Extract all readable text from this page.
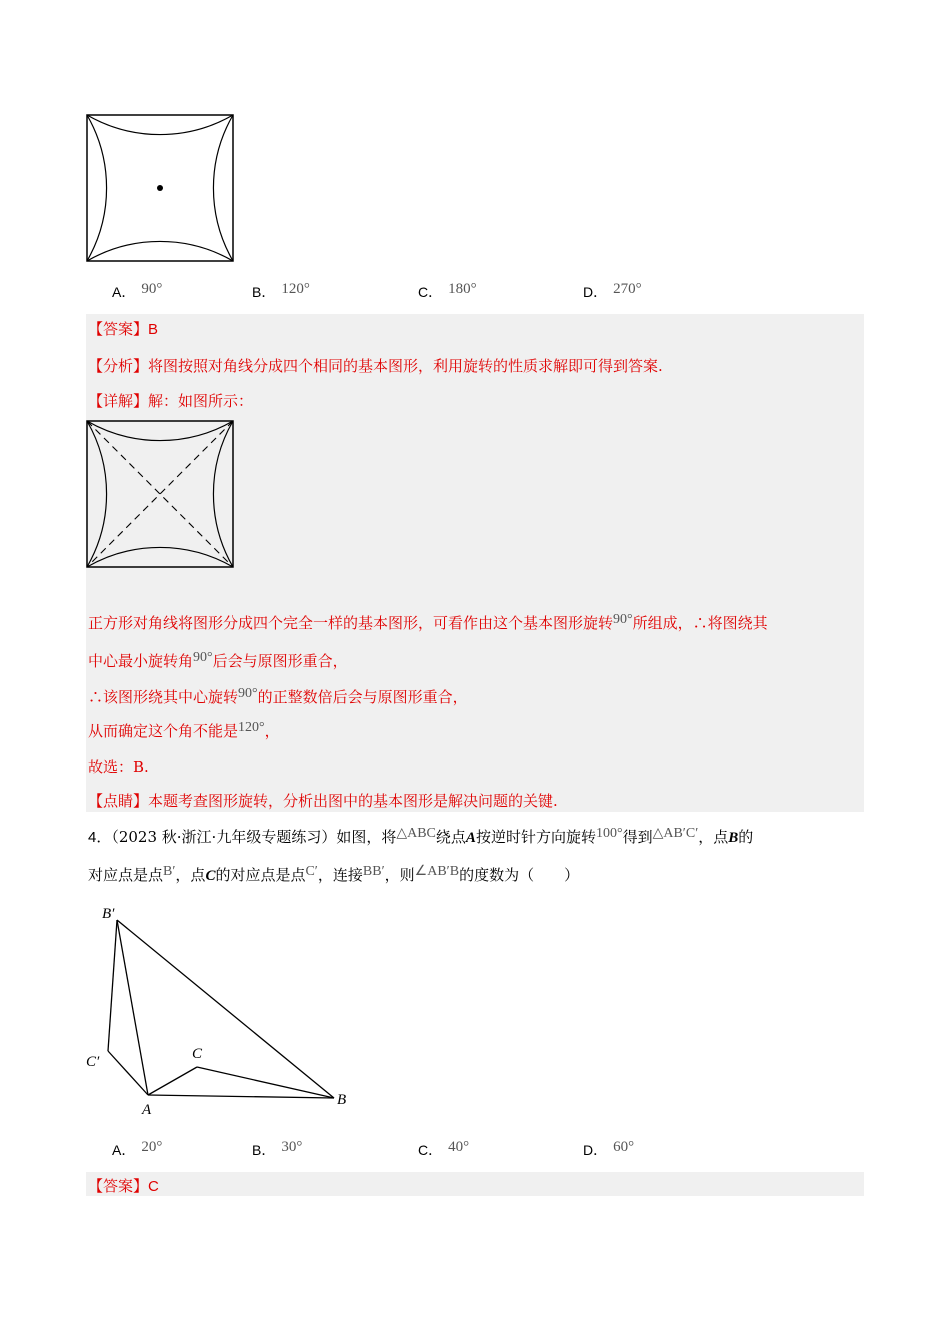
A． 90°	B． 120°	C． 180°	D． 270°
【答案】B
【分析】将图按照对角线分成四个相同的基本图形，利用旋转的性质求解即可得到答案.
【详解】解：如图所示：
正方形对角线将图形分成四个完全一样的基本图形，可看作由这个基本图形旋转90°所组成，∴将图绕其
中心最小旋转角90°后会与原图形重合，
∴该图形绕其中心旋转90°的正整数倍后会与原图形重合，
从而确定这个角不能是120°，
故选：B.
【点睛】本题考查图形旋转，分析出图中的基本图形是解决问题的关键.
4．（2023 秋·浙江·九年级专题练习）如图，将△ABC绕点A按逆时针方向旋转100°得到△AB′C′，点B的
对应点是点B′，点C的对应点是点C′，连接BB′，则∠AB′B的度数为（　　）
B′
C′	C
A
B
A． 20°	B． 30°	C． 40°	D． 60°
【答案】C
